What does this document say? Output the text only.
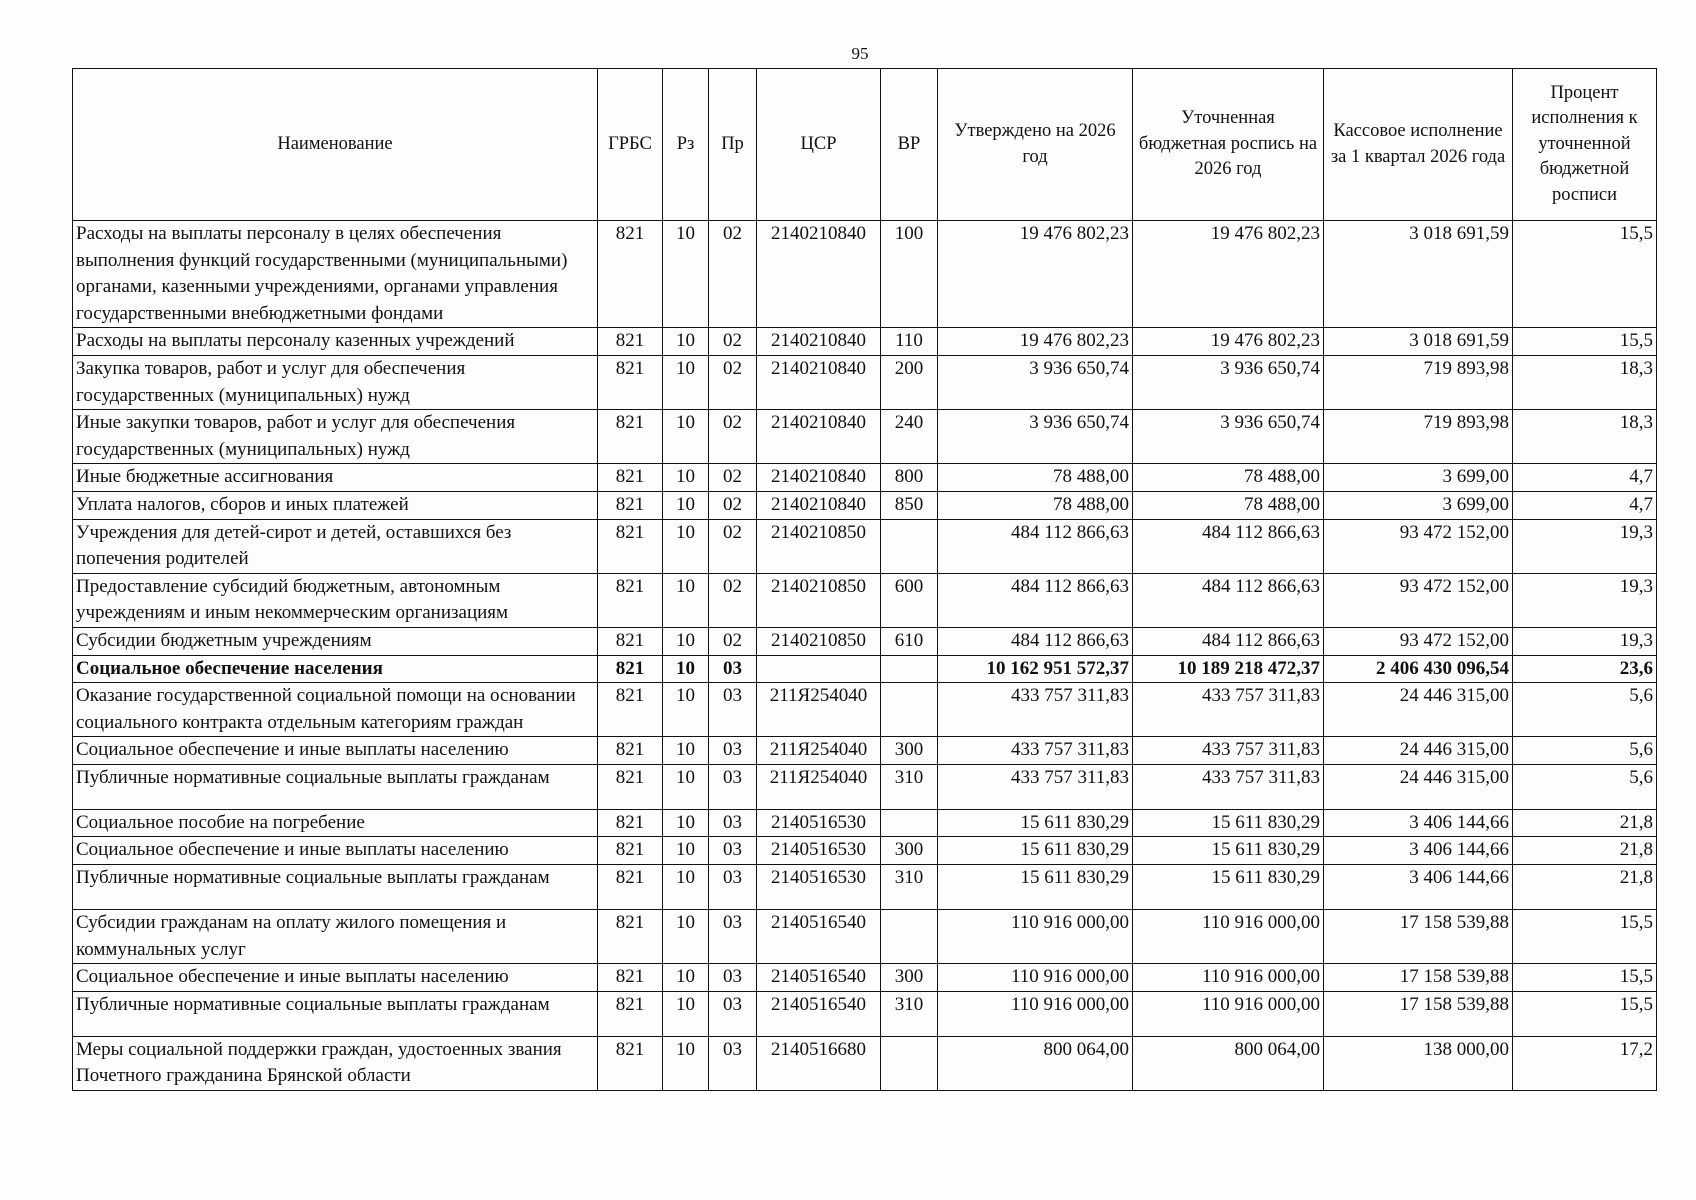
95
Наименование	ГРБС	Рз	Пр	ЦСР	ВР	Утверждено на 2026 год	Уточненная бюджетная роспись на 2026 год	Кассовое исполнение за 1 квартал 2026 года	Процент исполнения к уточненной бюджетной росписи
Расходы на выплаты персоналу в целях обеспечения выполнения функций государственными (муниципальными) органами, казенными учреждениями, органами управления государственными внебюджетными фондами	821	10	02	2140210840	100	19 476 802,23	19 476 802,23	3 018 691,59	15,5
Расходы на выплаты персоналу казенных учреждений	821	10	02	2140210840	110	19 476 802,23	19 476 802,23	3 018 691,59	15,5
Закупка товаров, работ и услуг для обеспечения государственных (муниципальных) нужд	821	10	02	2140210840	200	3 936 650,74	3 936 650,74	719 893,98	18,3
Иные закупки товаров, работ и услуг для обеспечения государственных (муниципальных) нужд	821	10	02	2140210840	240	3 936 650,74	3 936 650,74	719 893,98	18,3
Иные бюджетные ассигнования	821	10	02	2140210840	800	78 488,00	78 488,00	3 699,00	4,7
Уплата налогов, сборов и иных платежей	821	10	02	2140210840	850	78 488,00	78 488,00	3 699,00	4,7
Учреждения для детей-сирот и детей, оставшихся без попечения родителей	821	10	02	2140210850		484 112 866,63	484 112 866,63	93 472 152,00	19,3
Предоставление субсидий бюджетным, автономным учреждениям и иным некоммерческим организациям	821	10	02	2140210850	600	484 112 866,63	484 112 866,63	93 472 152,00	19,3
Субсидии бюджетным учреждениям	821	10	02	2140210850	610	484 112 866,63	484 112 866,63	93 472 152,00	19,3
Социальное обеспечение населения	821	10	03			10 162 951 572,37	10 189 218 472,37	2 406 430 096,54	23,6
Оказание государственной социальной помощи на основании социального контракта отдельным категориям граждан	821	10	03	211Я254040		433 757 311,83	433 757 311,83	24 446 315,00	5,6
Социальное обеспечение и иные выплаты населению	821	10	03	211Я254040	300	433 757 311,83	433 757 311,83	24 446 315,00	5,6
Публичные нормативные социальные выплаты гражданам	821	10	03	211Я254040	310	433 757 311,83	433 757 311,83	24 446 315,00	5,6
Социальное пособие на погребение	821	10	03	2140516530		15 611 830,29	15 611 830,29	3 406 144,66	21,8
Социальное обеспечение и иные выплаты населению	821	10	03	2140516530	300	15 611 830,29	15 611 830,29	3 406 144,66	21,8
Публичные нормативные социальные выплаты гражданам	821	10	03	2140516530	310	15 611 830,29	15 611 830,29	3 406 144,66	21,8
Субсидии гражданам на оплату жилого помещения и коммунальных услуг	821	10	03	2140516540		110 916 000,00	110 916 000,00	17 158 539,88	15,5
Социальное обеспечение и иные выплаты населению	821	10	03	2140516540	300	110 916 000,00	110 916 000,00	17 158 539,88	15,5
Публичные нормативные социальные выплаты гражданам	821	10	03	2140516540	310	110 916 000,00	110 916 000,00	17 158 539,88	15,5
Меры социальной поддержки граждан, удостоенных звания Почетного гражданина Брянской области	821	10	03	2140516680		800 064,00	800 064,00	138 000,00	17,2
